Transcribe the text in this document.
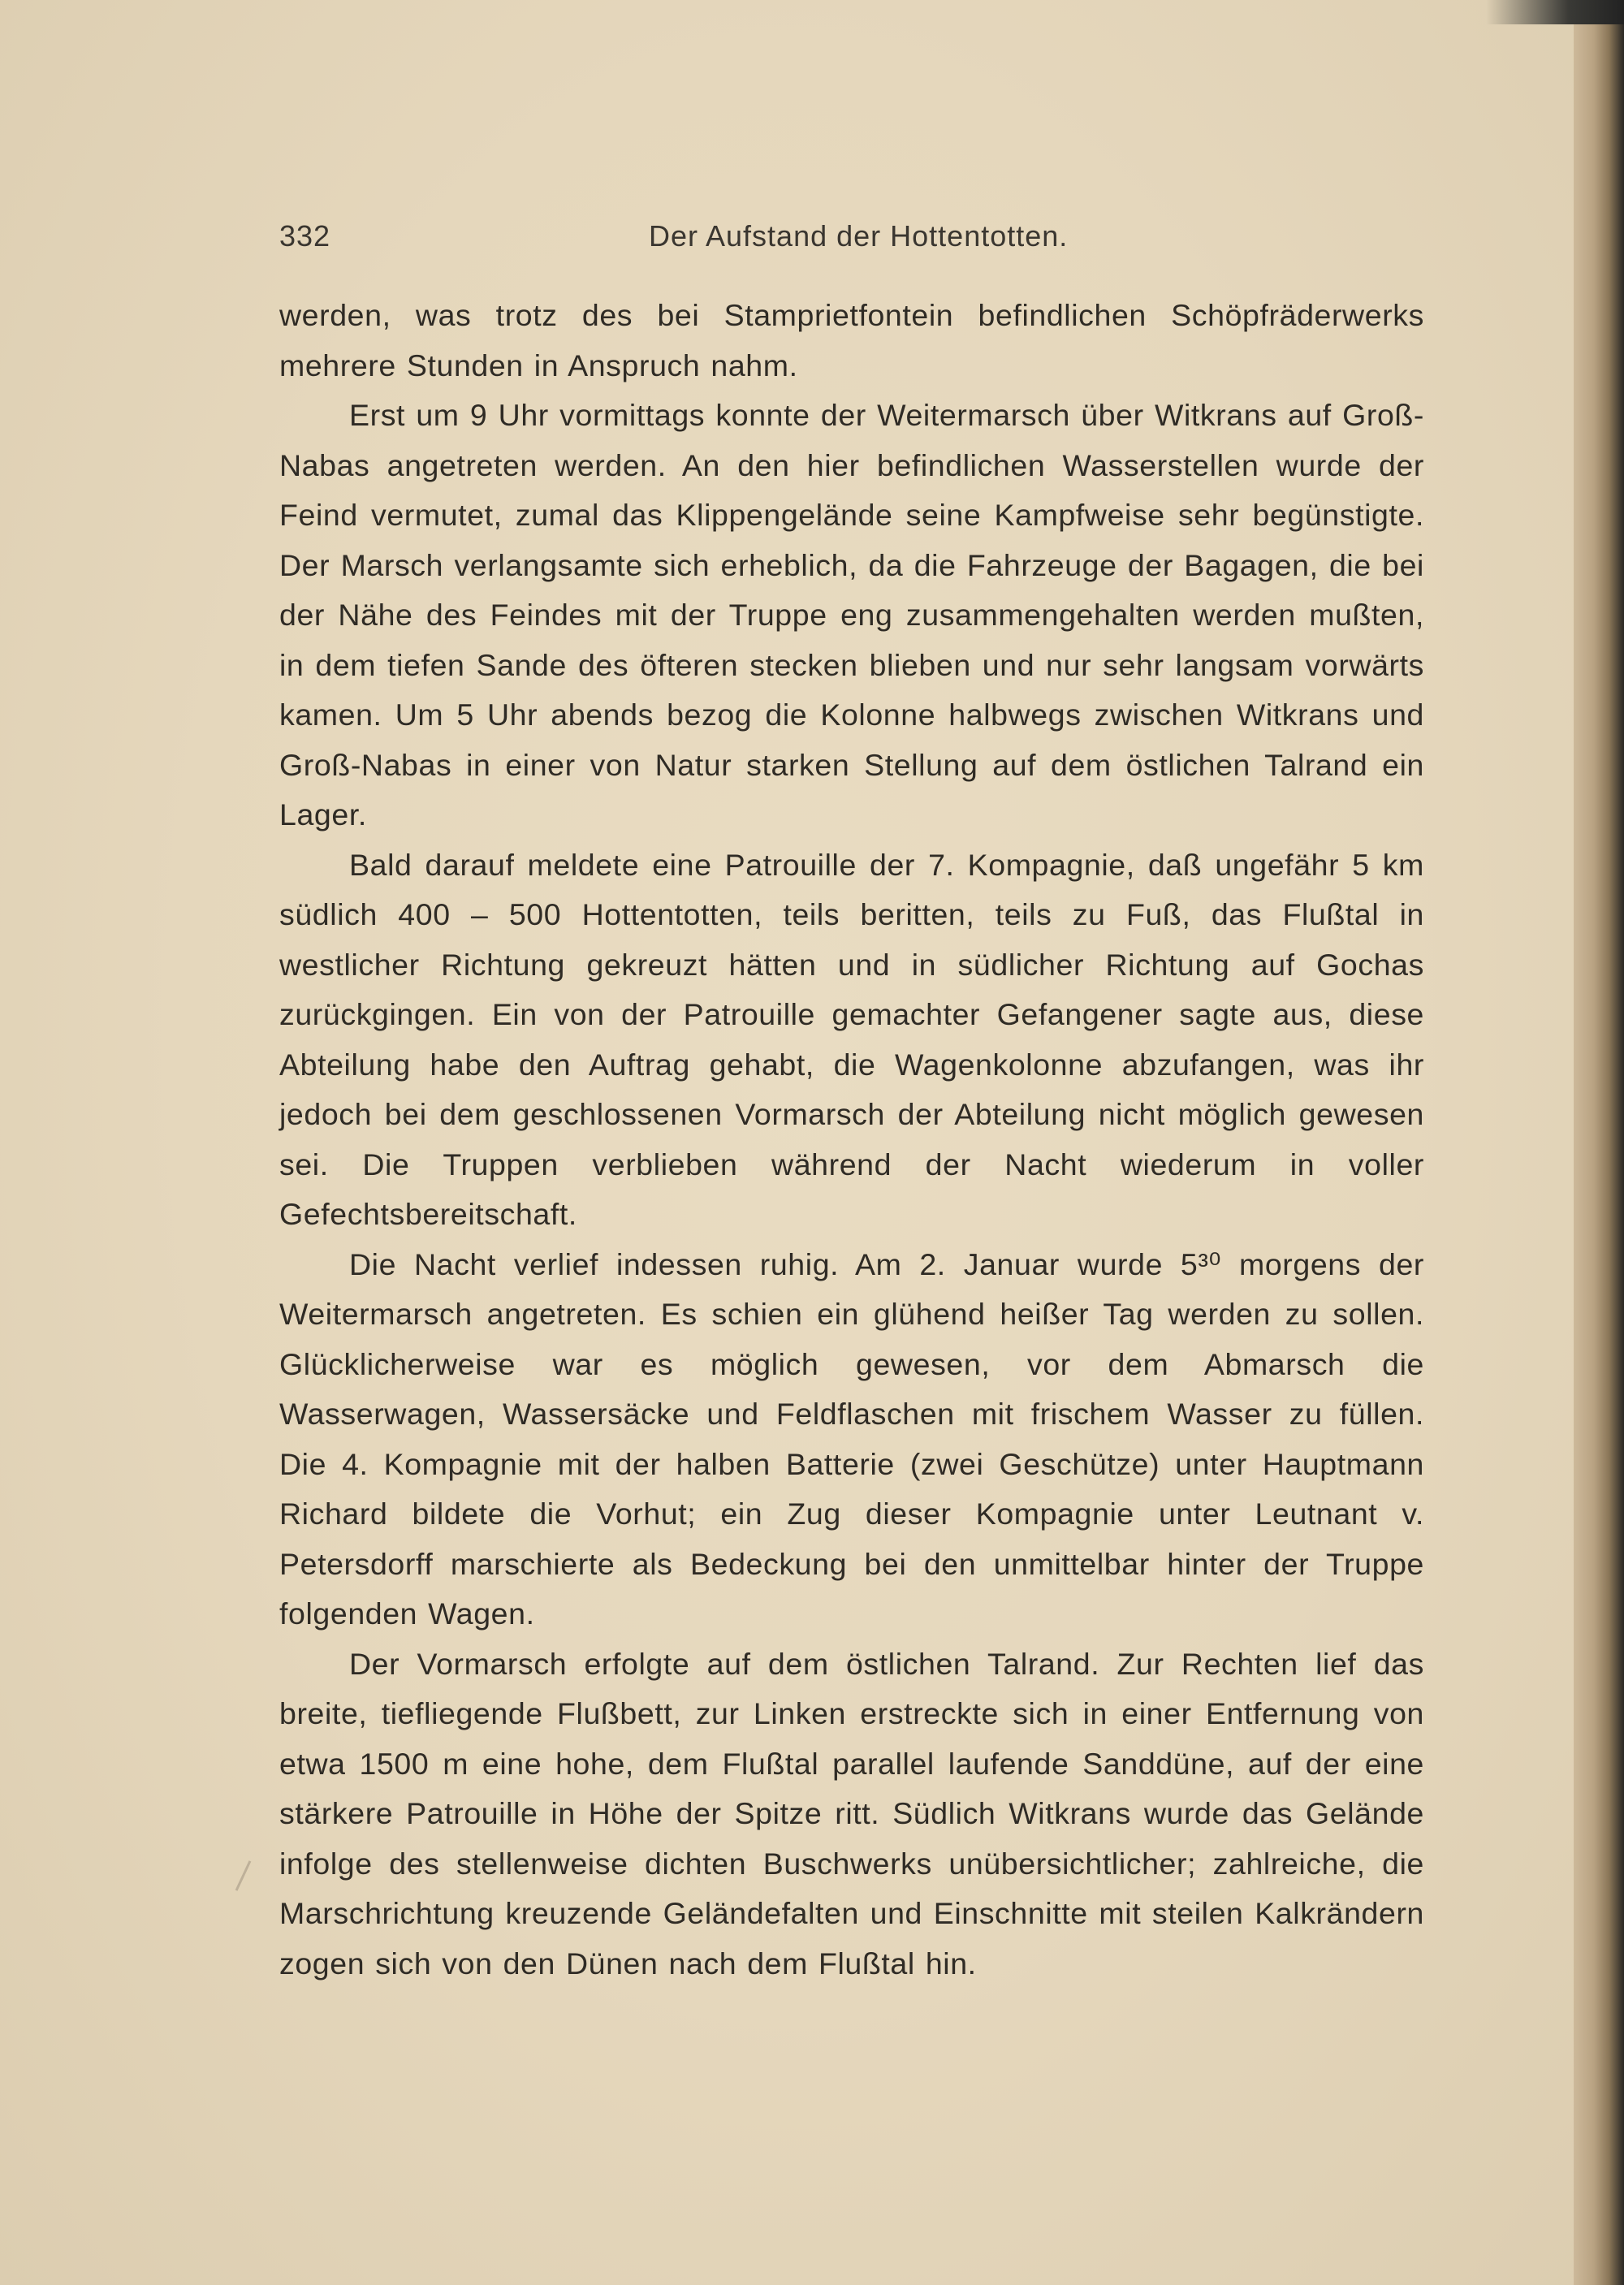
332	Der Aufstand der Hottentotten.

werden, was trotz des bei Stamprietfontein befindlichen Schöpfräderwerks mehrere Stunden in Anspruch nahm.

Erst um 9 Uhr vormittags konnte der Weitermarsch über Witkrans auf Groß-Nabas angetreten werden. An den hier befindlichen Wasserstellen wurde der Feind vermutet, zumal das Klippengelände seine Kampfweise sehr begünstigte. Der Marsch verlangsamte sich erheblich, da die Fahrzeuge der Bagagen, die bei der Nähe des Feindes mit der Truppe eng zusammengehalten werden mußten, in dem tiefen Sande des öfteren stecken blieben und nur sehr langsam vorwärts kamen. Um 5 Uhr abends bezog die Kolonne halbwegs zwischen Witkrans und Groß-Nabas in einer von Natur starken Stellung auf dem östlichen Talrand ein Lager.

Bald darauf meldete eine Patrouille der 7. Kompagnie, daß ungefähr 5 km südlich 400 – 500 Hottentotten, teils beritten, teils zu Fuß, das Flußtal in westlicher Richtung gekreuzt hätten und in südlicher Richtung auf Gochas zurückgingen. Ein von der Patrouille gemachter Gefangener sagte aus, diese Abteilung habe den Auftrag gehabt, die Wagenkolonne abzufangen, was ihr jedoch bei dem geschlossenen Vormarsch der Abteilung nicht möglich gewesen sei. Die Truppen verblieben während der Nacht wiederum in voller Gefechtsbereitschaft.

Die Nacht verlief indessen ruhig. Am 2. Januar wurde 5³⁰ morgens der Weitermarsch angetreten. Es schien ein glühend heißer Tag werden zu sollen. Glücklicherweise war es möglich gewesen, vor dem Abmarsch die Wasserwagen, Wassersäcke und Feldflaschen mit frischem Wasser zu füllen. Die 4. Kompagnie mit der halben Batterie (zwei Geschütze) unter Hauptmann Richard bildete die Vorhut; ein Zug dieser Kompagnie unter Leutnant v. Petersdorff marschierte als Bedeckung bei den unmittelbar hinter der Truppe folgenden Wagen.

Der Vormarsch erfolgte auf dem östlichen Talrand. Zur Rechten lief das breite, tiefliegende Flußbett, zur Linken erstreckte sich in einer Entfernung von etwa 1500 m eine hohe, dem Flußtal parallel laufende Sanddüne, auf der eine stärkere Patrouille in Höhe der Spitze ritt. Südlich Witkrans wurde das Gelände infolge des stellenweise dichten Buschwerks unübersichtlicher; zahlreiche, die Marschrichtung kreuzende Geländefalten und Einschnitte mit steilen Kalkrändern zogen sich von den Dünen nach dem Flußtal hin.
